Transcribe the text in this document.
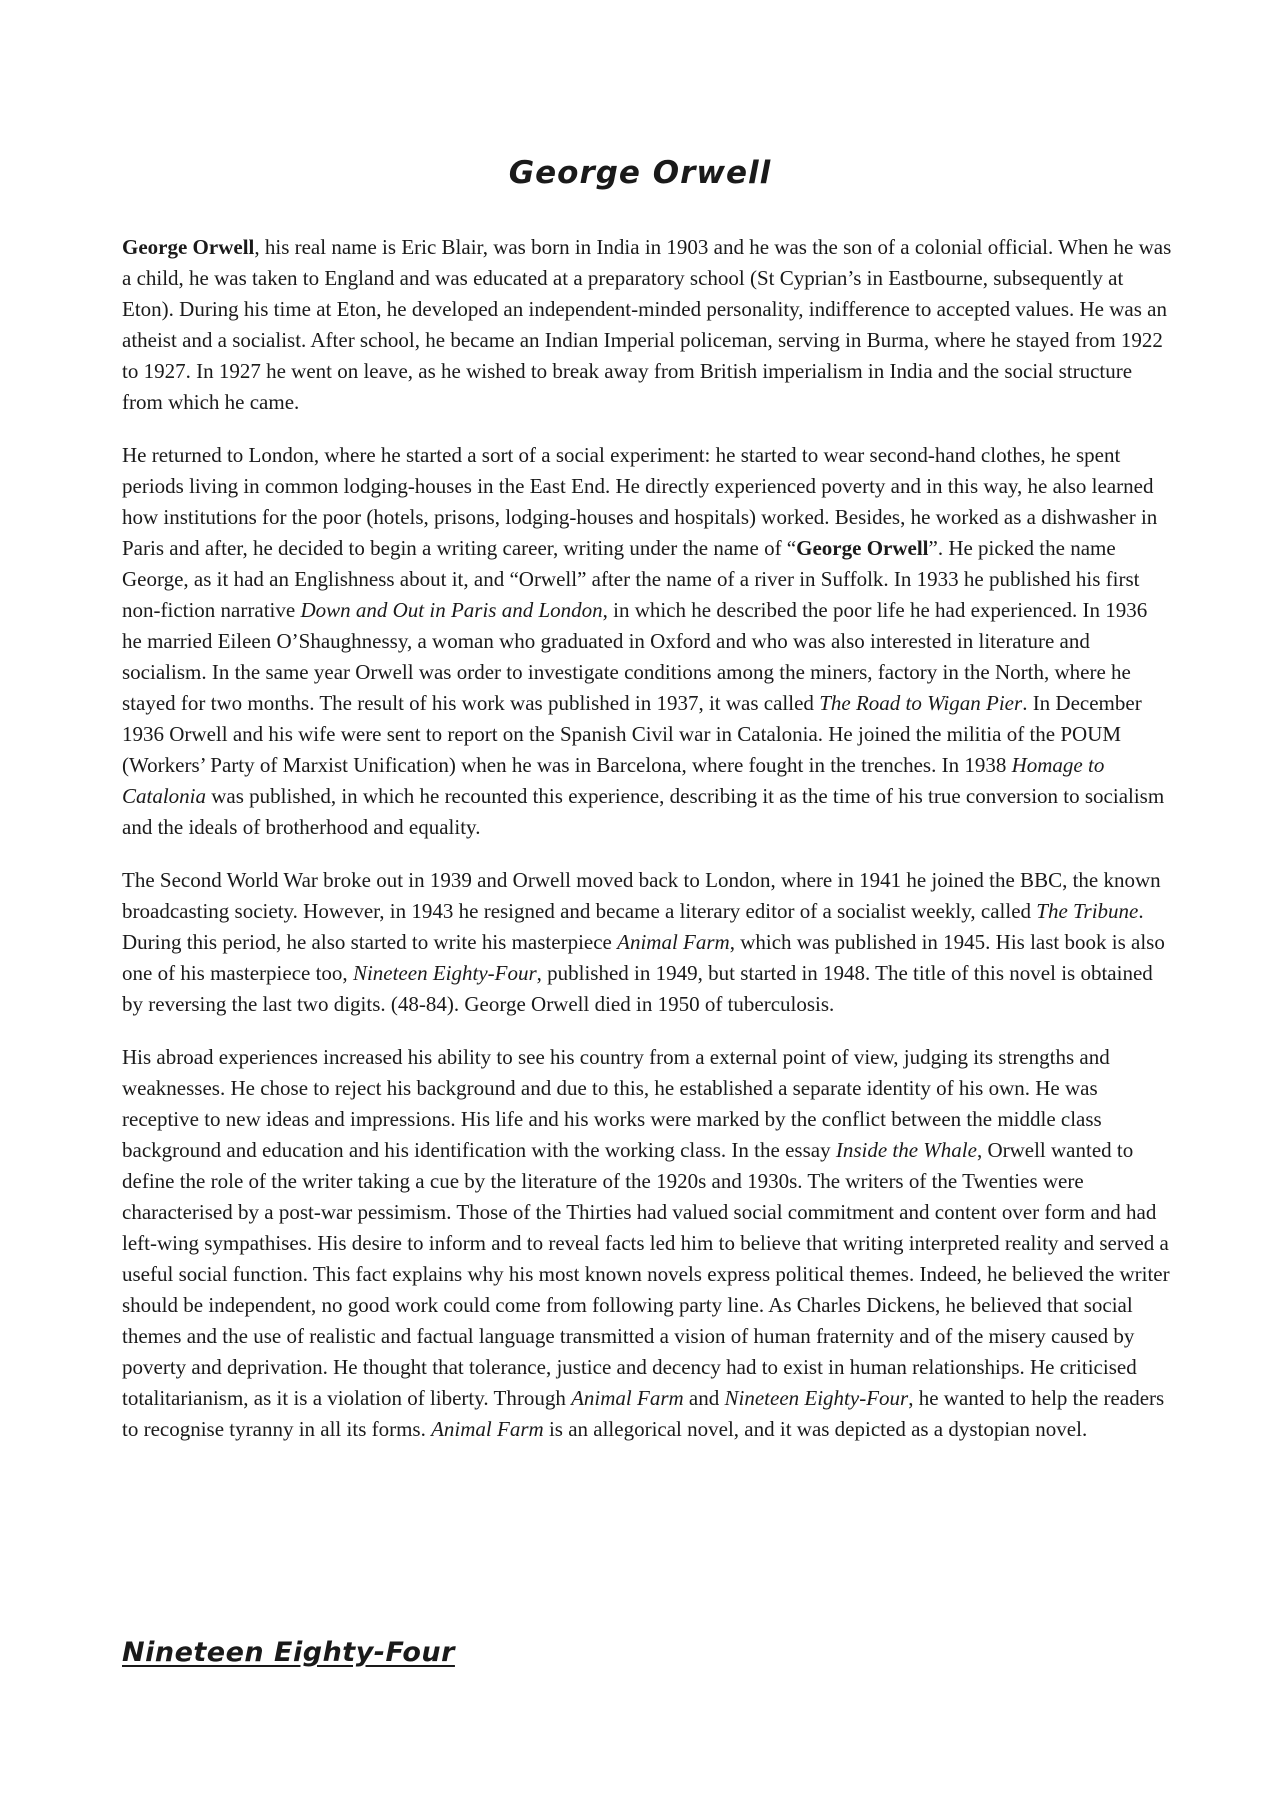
George Orwell

George Orwell, his real name is Eric Blair, was born in India in 1903 and he was the son of a colonial official. When he was a child, he was taken to England and was educated at a preparatory school (St Cyprian’s in Eastbourne, subsequently at Eton). During his time at Eton, he developed an independent-minded personality, indifference to accepted values. He was an atheist and a socialist. After school, he became an Indian Imperial policeman, serving in Burma, where he stayed from 1922 to 1927. In 1927 he went on leave, as he wished to break away from British imperialism in India and the social structure from which he came.

He returned to London, where he started a sort of a social experiment: he started to wear second-hand clothes, he spent periods living in common lodging-houses in the East End. He directly experienced poverty and in this way, he also learned how institutions for the poor (hotels, prisons, lodging-houses and hospitals) worked. Besides, he worked as a dishwasher in Paris and after, he decided to begin a writing career, writing under the name of “George Orwell”. He picked the name George, as it had an Englishness about it, and “Orwell” after the name of a river in Suffolk. In 1933 he published his first non-fiction narrative Down and Out in Paris and London, in which he described the poor life he had experienced. In 1936 he married Eileen O’Shaughnessy, a woman who graduated in Oxford and who was also interested in literature and socialism. In the same year Orwell was order to investigate conditions among the miners, factory in the North, where he stayed for two months. The result of his work was published in 1937, it was called The Road to Wigan Pier. In December 1936 Orwell and his wife were sent to report on the Spanish Civil war in Catalonia. He joined the militia of the POUM (Workers’ Party of Marxist Unification) when he was in Barcelona, where fought in the trenches. In 1938 Homage to Catalonia was published, in which he recounted this experience, describing it as the time of his true conversion to socialism and the ideals of brotherhood and equality.

The Second World War broke out in 1939 and Orwell moved back to London, where in 1941 he joined the BBC, the known broadcasting society. However, in 1943 he resigned and became a literary editor of a socialist weekly, called The Tribune. During this period, he also started to write his masterpiece Animal Farm, which was published in 1945. His last book is also one of his masterpiece too, Nineteen Eighty-Four, published in 1949, but started in 1948. The title of this novel is obtained by reversing the last two digits. (48-84). George Orwell died in 1950 of tuberculosis.

His abroad experiences increased his ability to see his country from a external point of view, judging its strengths and weaknesses. He chose to reject his background and due to this, he established a separate identity of his own. He was receptive to new ideas and impressions. His life and his works were marked by the conflict between the middle class background and education and his identification with the working class. In the essay Inside the Whale, Orwell wanted to define the role of the writer taking a cue by the literature of the 1920s and 1930s. The writers of the Twenties were characterised by a post-war pessimism. Those of the Thirties had valued social commitment and content over form and had left-wing sympathises. His desire to inform and to reveal facts led him to believe that writing interpreted reality and served a useful social function. This fact explains why his most known novels express political themes. Indeed, he believed the writer should be independent, no good work could come from following party line. As Charles Dickens, he believed that social themes and the use of realistic and factual language transmitted a vision of human fraternity and of the misery caused by poverty and deprivation. He thought that tolerance, justice and decency had to exist in human relationships. He criticised totalitarianism, as it is a violation of liberty. Through Animal Farm and Nineteen Eighty-Four, he wanted to help the readers to recognise tyranny in all its forms. Animal Farm is an allegorical novel, and it was depicted as a dystopian novel.

Nineteen Eighty-Four
